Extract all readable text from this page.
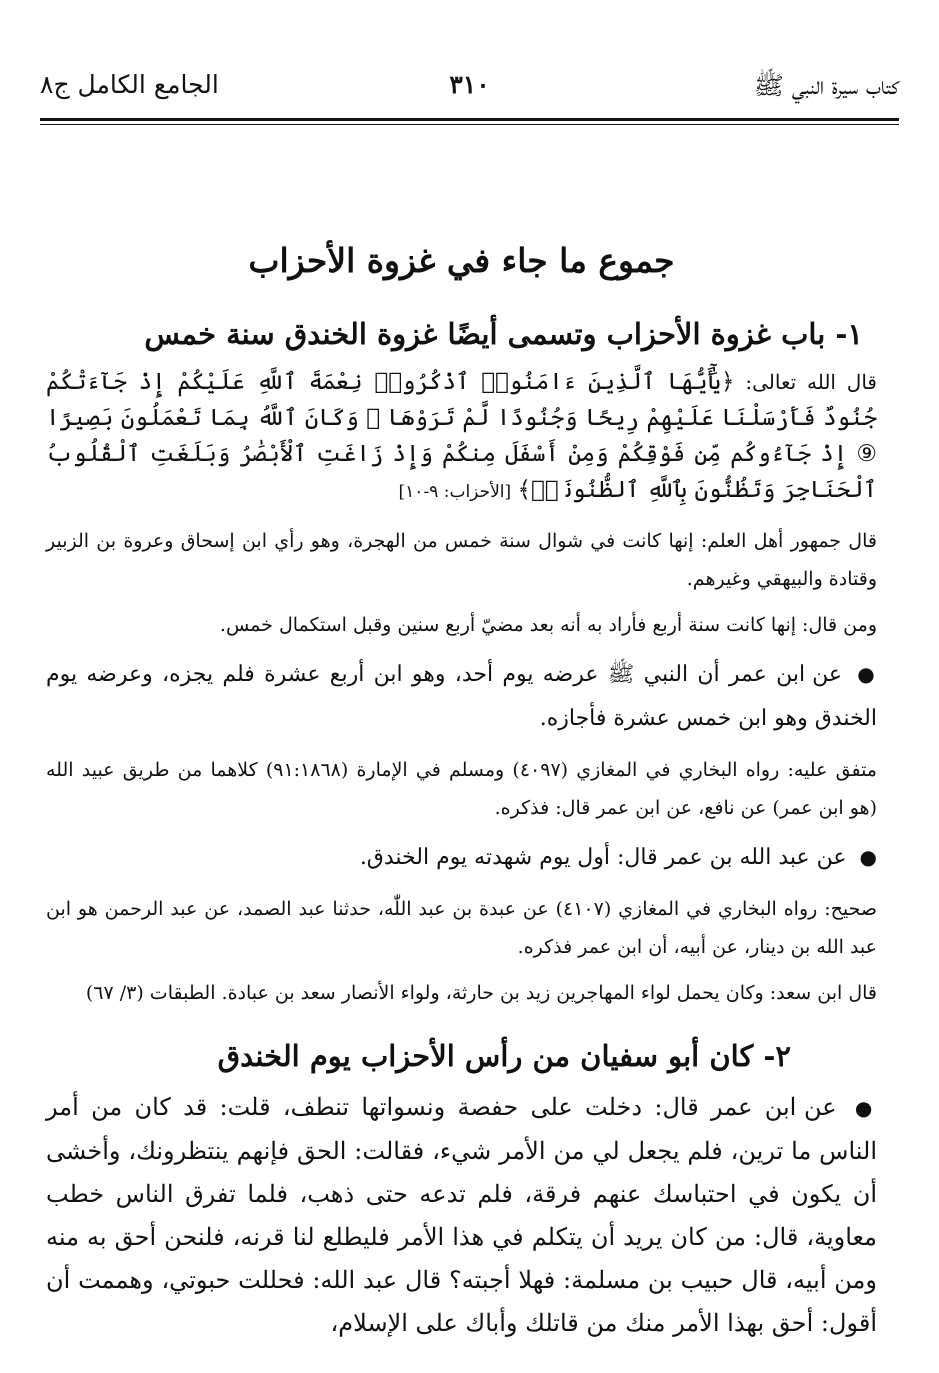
كتاب سيرة النبي ﷺ
٣١٠
الجامع الكامل ج٨
جموع ما جاء في غزوة الأحزاب
١- باب غزوة الأحزاب وتسمى أيضًا غزوة الخندق سنة خمس

قال الله تعالى: ﴿يَٰٓأَيُّهَا ٱلَّذِينَ ءَامَنُوا۟ ٱذْكُرُوا۟ نِعْمَةَ ٱللَّهِ عَلَيْكُمْ إِذْ جَآءَتْكُمْ جُنُودٌ فَأَرْسَلْنَا عَلَيْهِمْ رِيحًا وَجُنُودًا لَّمْ تَرَوْهَا ۚ وَكَانَ ٱللَّهُ بِمَا تَعْمَلُونَ بَصِيرًا ⑨ إِذْ جَآءُوكُم مِّن فَوْقِكُمْ وَمِنْ أَسْفَلَ مِنكُمْ وَإِذْ زَاغَتِ ٱلْأَبْصَٰرُ وَبَلَغَتِ ٱلْقُلُوبُ ٱلْحَنَاجِرَ وَتَظُنُّونَ بِٱللَّهِ ٱلظُّنُونَا۠﴾ [الأحزاب: ٩-١٠]

قال جمهور أهل العلم: إنها كانت في شوال سنة خمس من الهجرة، وهو رأي ابن إسحاق وعروة بن الزبير وقتادة والبيهقي وغيرهم.

ومن قال: إنها كانت سنة أربع فأراد به أنه بعد مضيّ أربع سنين وقبل استكمال خمس.

● عن ابن عمر أن النبي ﷺ عرضه يوم أحد، وهو ابن أربع عشرة فلم يجزه، وعرضه يوم الخندق وهو ابن خمس عشرة فأجازه.

متفق عليه: رواه البخاري في المغازي (٤٠٩٧) ومسلم في الإمارة (٩١:١٨٦٨) كلاهما من طريق عبيد الله (هو ابن عمر) عن نافع، عن ابن عمر قال: فذكره.

● عن عبد الله بن عمر قال: أول يوم شهدته يوم الخندق.

صحيح: رواه البخاري في المغازي (٤١٠٧) عن عبدة بن عبد اللّٰه، حدثنا عبد الصمد، عن عبد الرحمن هو ابن عبد الله بن دينار، عن أبيه، أن ابن عمر فذكره.

قال ابن سعد: وكان يحمل لواء المهاجرين زيد بن حارثة، ولواء الأنصار سعد بن عبادة. الطبقات (٣/ ٦٧)

٢- كان أبو سفيان من رأس الأحزاب يوم الخندق

● عن ابن عمر قال: دخلت على حفصة ونسواتها تنطف، قلت: قد كان من أمر الناس ما ترين، فلم يجعل لي من الأمر شيء، فقالت: الحق فإنهم ينتظرونك، وأخشى أن يكون في احتباسك عنهم فرقة، فلم تدعه حتى ذهب، فلما تفرق الناس خطب معاوية، قال: من كان يريد أن يتكلم في هذا الأمر فليطلع لنا قرنه، فلنحن أحق به منه ومن أبيه، قال حبيب بن مسلمة: فهلا أجبته؟ قال عبد الله: فحللت حبوتي، وهممت أن أقول: أحق بهذا الأمر منك من قاتلك وأباك على الإسلام،
